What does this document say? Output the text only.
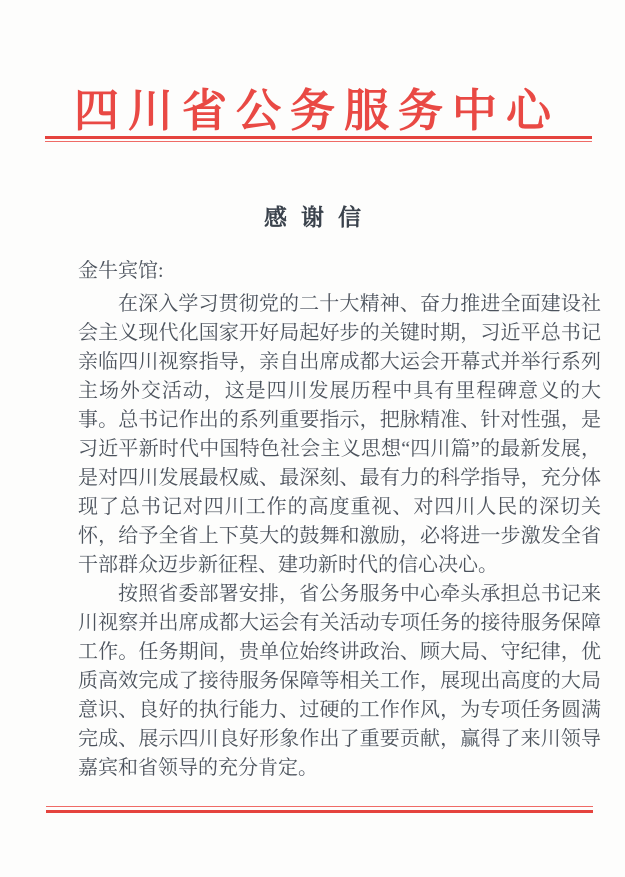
四川省公务服务中心
感谢信

金牛宾馆:

在深入学习贯彻党的二十大精神、奋力推进全面建设社会主义现代化国家开好局起好步的关键时期，习近平总书记亲临四川视察指导，亲自出席成都大运会开幕式并举行系列主场外交活动，这是四川发展历程中具有里程碑意义的大事。总书记作出的系列重要指示，把脉精准、针对性强，是习近平新时代中国特色社会主义思想“四川篇”的最新发展，是对四川发展最权威、最深刻、最有力的科学指导，充分体现了总书记对四川工作的高度重视、对四川人民的深切关怀，给予全省上下莫大的鼓舞和激励，必将进一步激发全省干部群众迈步新征程、建功新时代的信心决心。

按照省委部署安排，省公务服务中心牵头承担总书记来川视察并出席成都大运会有关活动专项任务的接待服务保障工作。任务期间，贵单位始终讲政治、顾大局、守纪律，优质高效完成了接待服务保障等相关工作，展现出高度的大局意识、良好的执行能力、过硬的工作作风，为专项任务圆满完成、展示四川良好形象作出了重要贡献，赢得了来川领导嘉宾和省领导的充分肯定。
